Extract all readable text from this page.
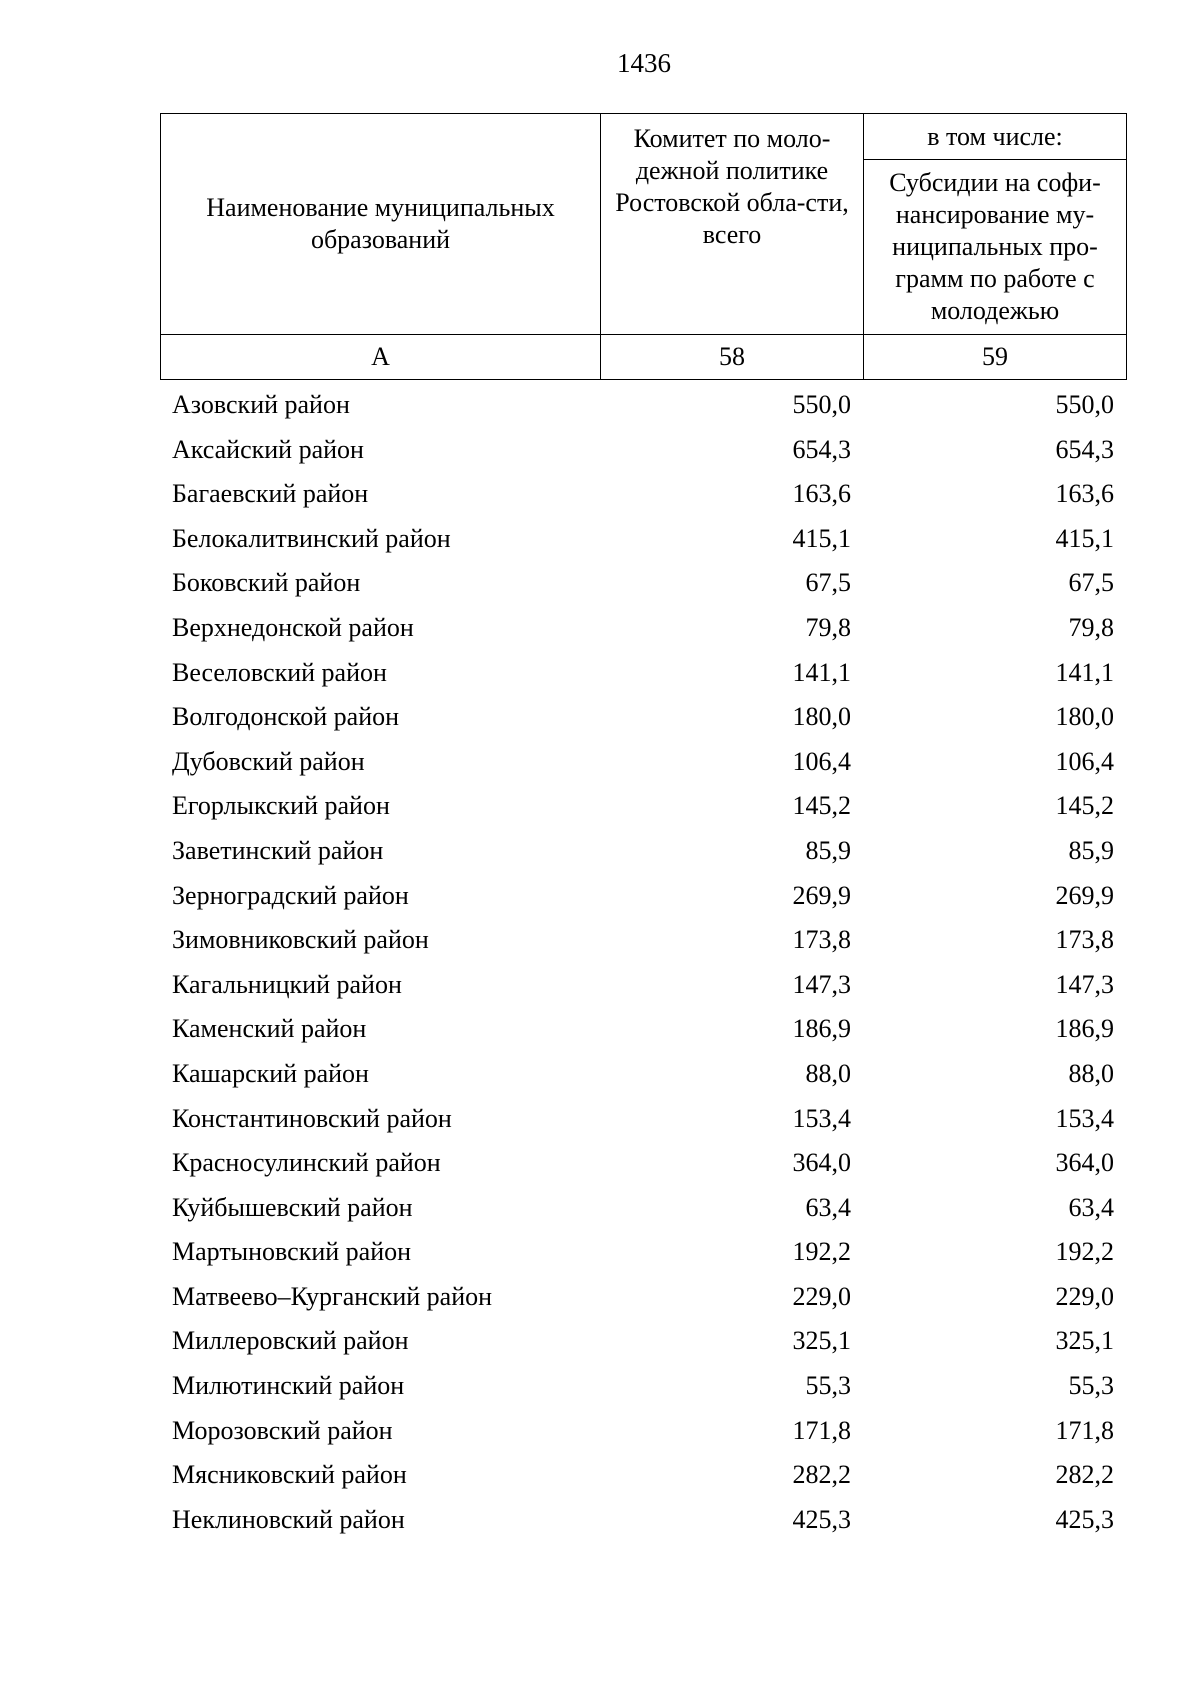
1436
Наименование муниципальных образований	Комитет по моло-дежной политике Ростовской обла-сти, всего	в том числе:
		Субсидии на софи-нансирование му-ниципальных про-грамм по работе с молодежью
А	58	59
Азовский район	550,0	550,0
Аксайский район	654,3	654,3
Багаевский район	163,6	163,6
Белокалитвинский район	415,1	415,1
Боковский район	67,5	67,5
Верхнедонской район	79,8	79,8
Веселовский район	141,1	141,1
Волгодонской район	180,0	180,0
Дубовский район	106,4	106,4
Егорлыкский район	145,2	145,2
Заветинский район	85,9	85,9
Зерноградский район	269,9	269,9
Зимовниковский район	173,8	173,8
Кагальницкий район	147,3	147,3
Каменский район	186,9	186,9
Кашарский район	88,0	88,0
Константиновский район	153,4	153,4
Красносулинский район	364,0	364,0
Куйбышевский район	63,4	63,4
Мартыновский район	192,2	192,2
Матвеево–Курганский район	229,0	229,0
Миллеровский район	325,1	325,1
Милютинский район	55,3	55,3
Морозовский район	171,8	171,8
Мясниковский район	282,2	282,2
Неклиновский район	425,3	425,3
